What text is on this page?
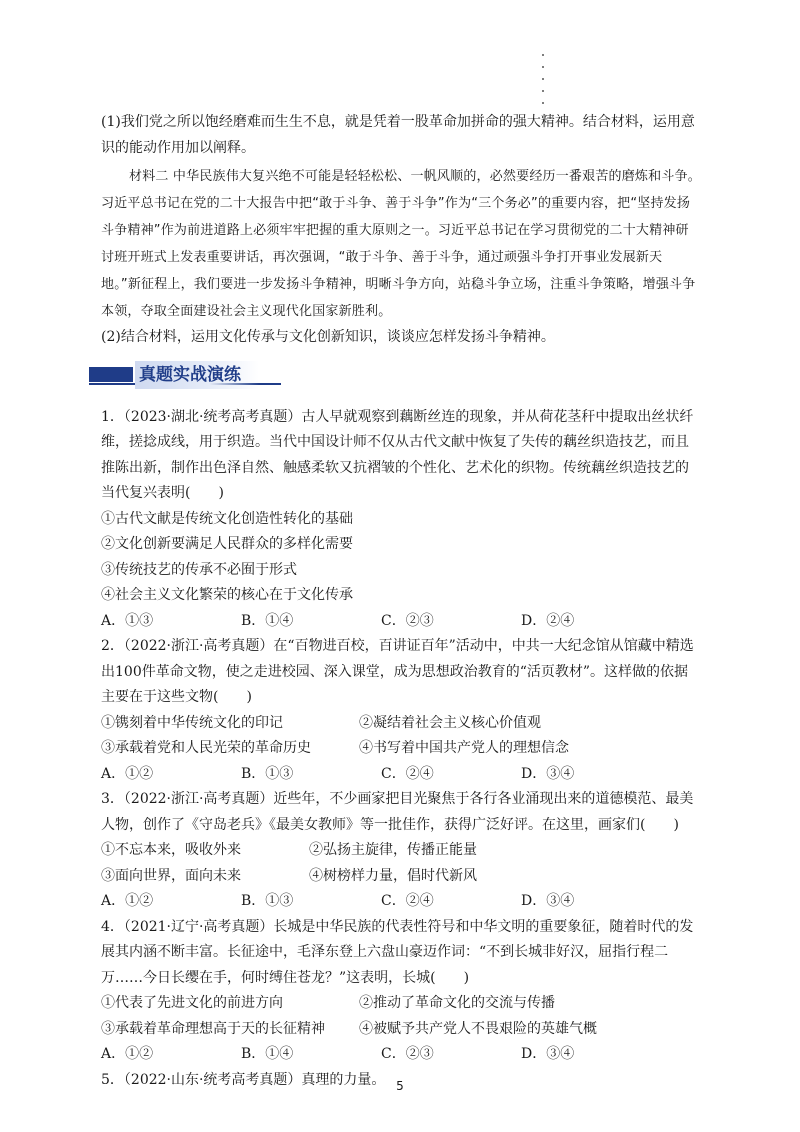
(1)我们党之所以饱经磨难而生生不息，就是凭着一股革命加拼命的强大精神。结合材料，运用意识的能动作用加以阐释。

材料二 中华民族伟大复兴绝不可能是轻轻松松、一帆风顺的，必然要经历一番艰苦的磨炼和斗争。习近平总书记在党的二十大报告中把“敢于斗争、善于斗争”作为“三个务必”的重要内容，把“坚持发扬斗争精神”作为前进道路上必须牢牢把握的重大原则之一。习近平总书记在学习贯彻党的二十大精神研讨班开班式上发表重要讲话，再次强调，“敢于斗争、善于斗争，通过顽强斗争打开事业发展新天地。”新征程上，我们要进一步发扬斗争精神，明晰斗争方向，站稳斗争立场，注重斗争策略，增强斗争本领，夺取全面建设社会主义现代化国家新胜利。

(2)结合材料，运用文化传承与文化创新知识，谈谈应怎样发扬斗争精神。

真题实战演练

1．（2023·湖北·统考高考真题）古人早就观察到藕断丝连的现象，并从荷花茎秆中提取出丝状纤维，搓捻成线，用于织造。当代中国设计师不仅从古代文献中恢复了失传的藕丝织造技艺，而且推陈出新，制作出色泽自然、触感柔软又抗褶皱的个性化、艺术化的织物。传统藕丝织造技艺的当代复兴表明(　　)

①古代文献是传统文化创造性转化的基础

②文化创新要满足人民群众的多样化需要

③传统技艺的传承不必囿于形式

④社会主义文化繁荣的核心在于文化传承

A．①③	B．①④	C．②③	D．②④

2．（2022·浙江·高考真题）在“百物进百校，百讲证百年”活动中，中共一大纪念馆从馆藏中精选出100件革命文物，使之走进校园、深入课堂，成为思想政治教育的“活页教材”。这样做的依据主要在于这些文物(　　)

①镌刻着中华传统文化的印记	②凝结着社会主义核心价值观
③承载着党和人民光荣的革命历史	④书写着中国共产党人的理想信念
A．①②	B．①③	C．②④	D．③④

3．（2022·浙江·高考真题）近些年，不少画家把目光聚焦于各行各业涌现出来的道德模范、最美人物，创作了《守岛老兵》《最美女教师》等一批佳作，获得广泛好评。在这里，画家们(　　)

①不忘本来，吸收外来	②弘扬主旋律，传播正能量
③面向世界，面向未来	④树榜样力量，倡时代新风
A．①②	B．①③	C．②④	D．③④

4．（2021·辽宁·高考真题）长城是中华民族的代表性符号和中华文明的重要象征，随着时代的发展其内涵不断丰富。长征途中，毛泽东登上六盘山豪迈作词：“不到长城非好汉，屈指行程二万……今日长缨在手，何时缚住苍龙？”这表明，长城(　　)

①代表了先进文化的前进方向	②推动了革命文化的交流与传播
③承载着革命理想高于天的长征精神	④被赋予共产党人不畏艰险的英雄气概
A．①②	B．①④	C．②③	D．③④

5．（2022·山东·统考高考真题）真理的力量。 5
